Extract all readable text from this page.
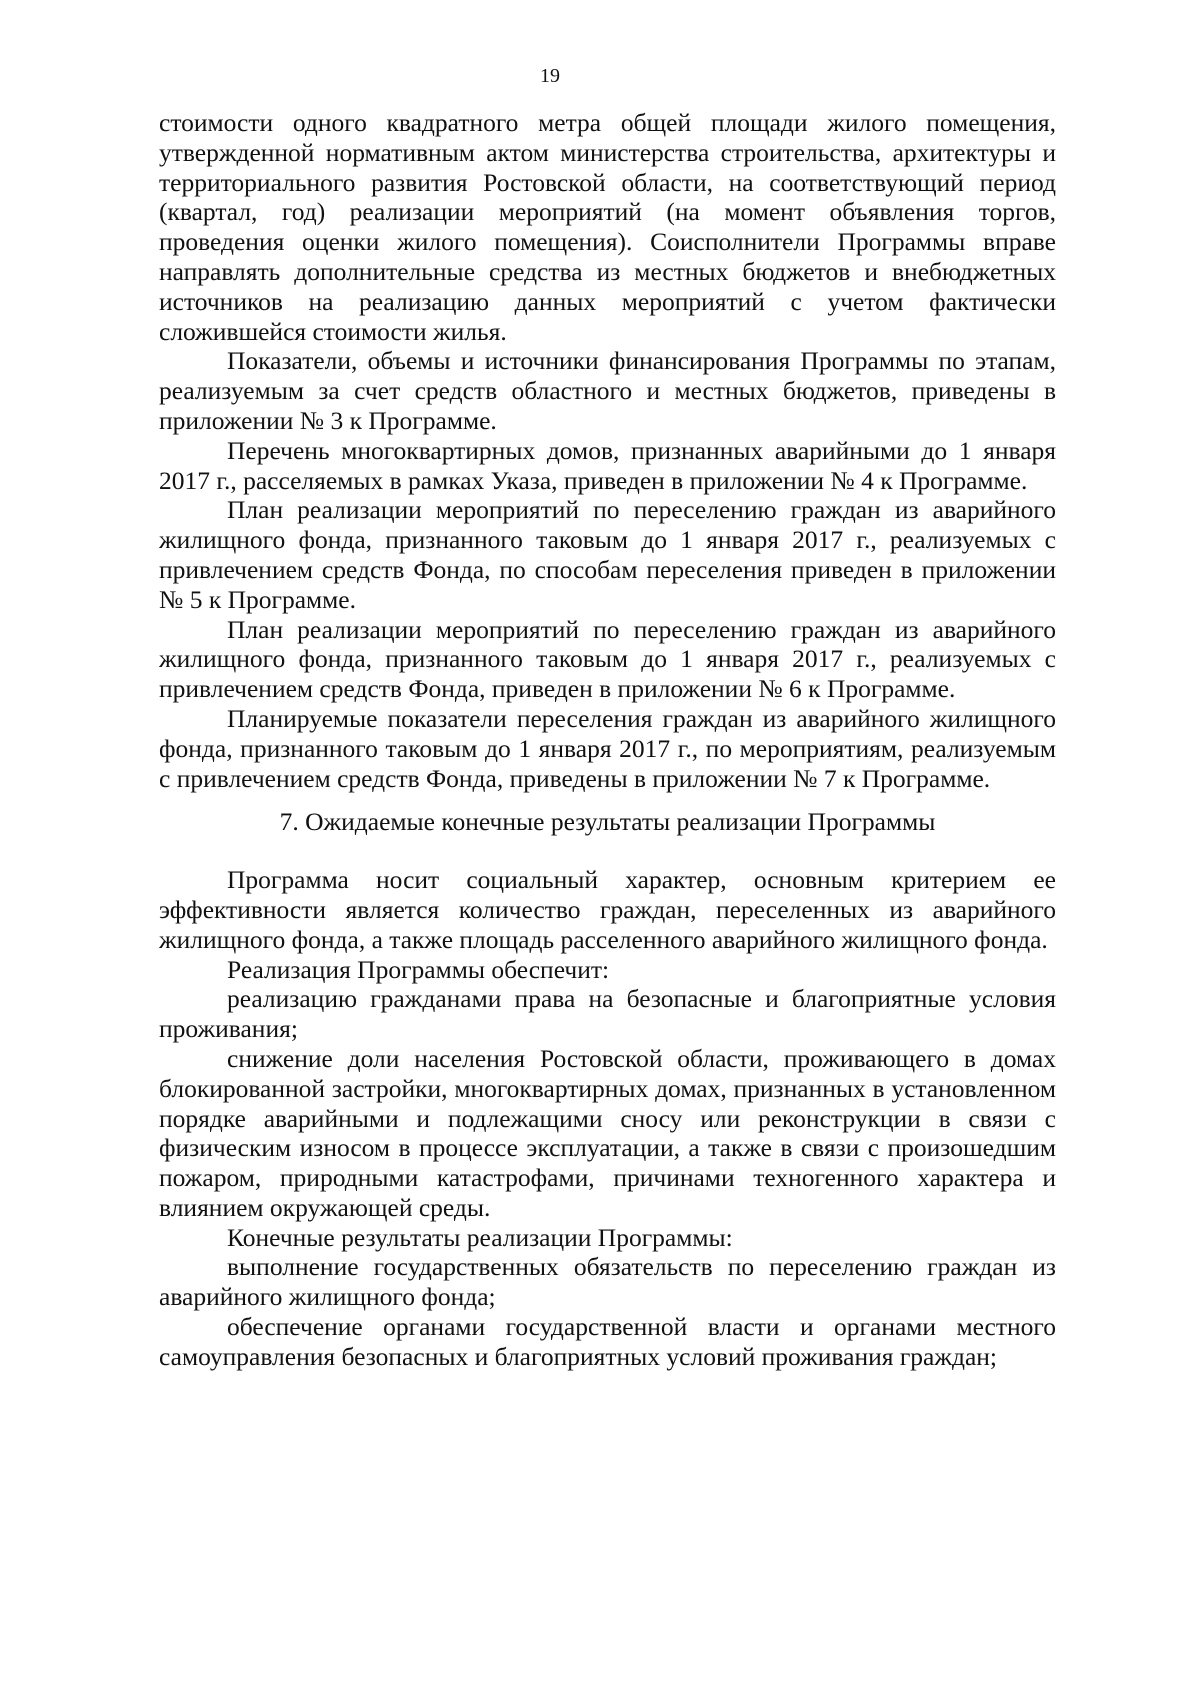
19

стоимости одного квадратного метра общей площади жилого помещения, утвержденной нормативным актом министерства строительства, архитектуры и территориального развития Ростовской области, на соответствующий период (квартал, год) реализации мероприятий (на момент объявления торгов, проведения оценки жилого помещения). Соисполнители Программы вправе направлять дополнительные средства из местных бюджетов и внебюджетных источников на реализацию данных мероприятий с учетом фактически сложившейся стоимости жилья.

Показатели, объемы и источники финансирования Программы по этапам, реализуемым за счет средств областного и местных бюджетов, приведены в приложении № 3 к Программе.

Перечень многоквартирных домов, признанных аварийными до 1 января 2017 г., расселяемых в рамках Указа, приведен в приложении № 4 к Программе.

План реализации мероприятий по переселению граждан из аварийного жилищного фонда, признанного таковым до 1 января 2017 г., реализуемых с привлечением средств Фонда, по способам переселения приведен в приложении № 5 к Программе.

План реализации мероприятий по переселению граждан из аварийного жилищного фонда, признанного таковым до 1 января 2017 г., реализуемых с привлечением средств Фонда, приведен в приложении № 6 к Программе.

Планируемые показатели переселения граждан из аварийного жилищного фонда, признанного таковым до 1 января 2017 г., по мероприятиям, реализуемым с привлечением средств Фонда, приведены в приложении № 7 к Программе.

7. Ожидаемые конечные результаты реализации Программы

Программа носит социальный характер, основным критерием ее эффективности является количество граждан, переселенных из аварийного жилищного фонда, а также площадь расселенного аварийного жилищного фонда.

Реализация Программы обеспечит:

реализацию гражданами права на безопасные и благоприятные условия проживания;

снижение доли населения Ростовской области, проживающего в домах блокированной застройки, многоквартирных домах, признанных в установленном порядке аварийными и подлежащими сносу или реконструкции в связи с физическим износом в процессе эксплуатации, а также в связи с произошедшим пожаром, природными катастрофами, причинами техногенного характера и влиянием окружающей среды.

Конечные результаты реализации Программы:

выполнение государственных обязательств по переселению граждан из аварийного жилищного фонда;

обеспечение органами государственной власти и органами местного самоуправления безопасных и благоприятных условий проживания граждан;
